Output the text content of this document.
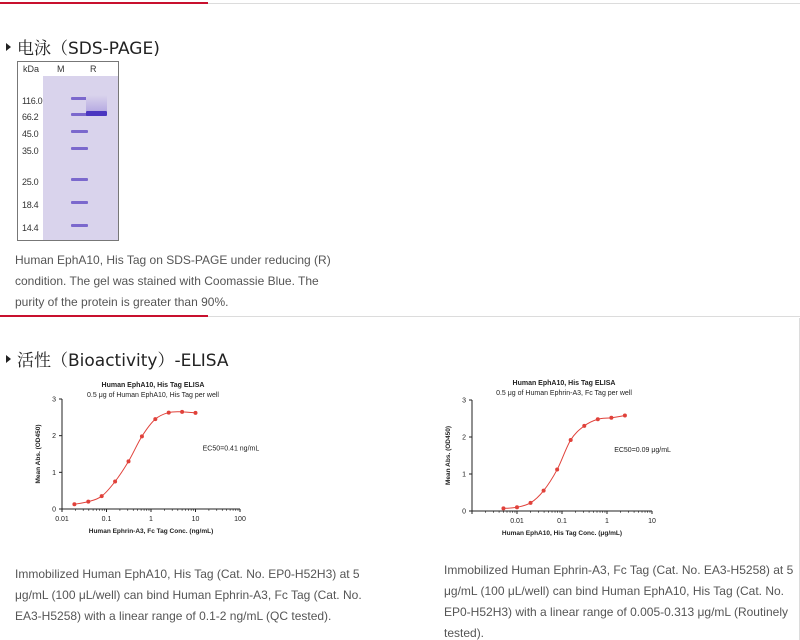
电泳（SDS-PAGE)
kDa M	R
116.0
66.2
45.0
35.0
25.0
18.4
14.4

Human EphA10, His Tag on SDS-PAGE under reducing (R) condition. The gel was stained with Coomassie Blue. The purity of the protein is greater than 90%.

活性（Bioactivity）-ELISA
Human EphA10, His Tag ELISA
0.5 μg of Human EphA10, His Tag per well
0
1
2
3
0.01	0.1	1	10	100
Human Ephrin-A3, Fc Tag Conc. (ng/mL)
Mean Abs. (OD450)	EC50=0.41 ng/mL
Human EphA10, His Tag ELISA
0.5 μg of Human Ephrin-A3, Fc Tag per well
0
1
2
3
0.01	0.1	1	10
Human EphA10, His Tag Conc. (μg/mL)
Mean Abs. (OD450)	EC50=0.09 μg/mL

Immobilized Human EphA10, His Tag (Cat. No. EP0-H52H3) at 5 μg/mL (100 μL/well) can bind Human Ephrin-A3, Fc Tag (Cat. No. EA3-H5258) with a linear range of 0.1-2 ng/mL (QC tested).

Immobilized Human Ephrin-A3, Fc Tag (Cat. No. EA3-H5258) at 5 μg/mL (100 μL/well) can bind Human EphA10, His Tag (Cat. No. EP0-H52H3) with a linear range of 0.005-0.313 μg/mL (Routinely tested).
